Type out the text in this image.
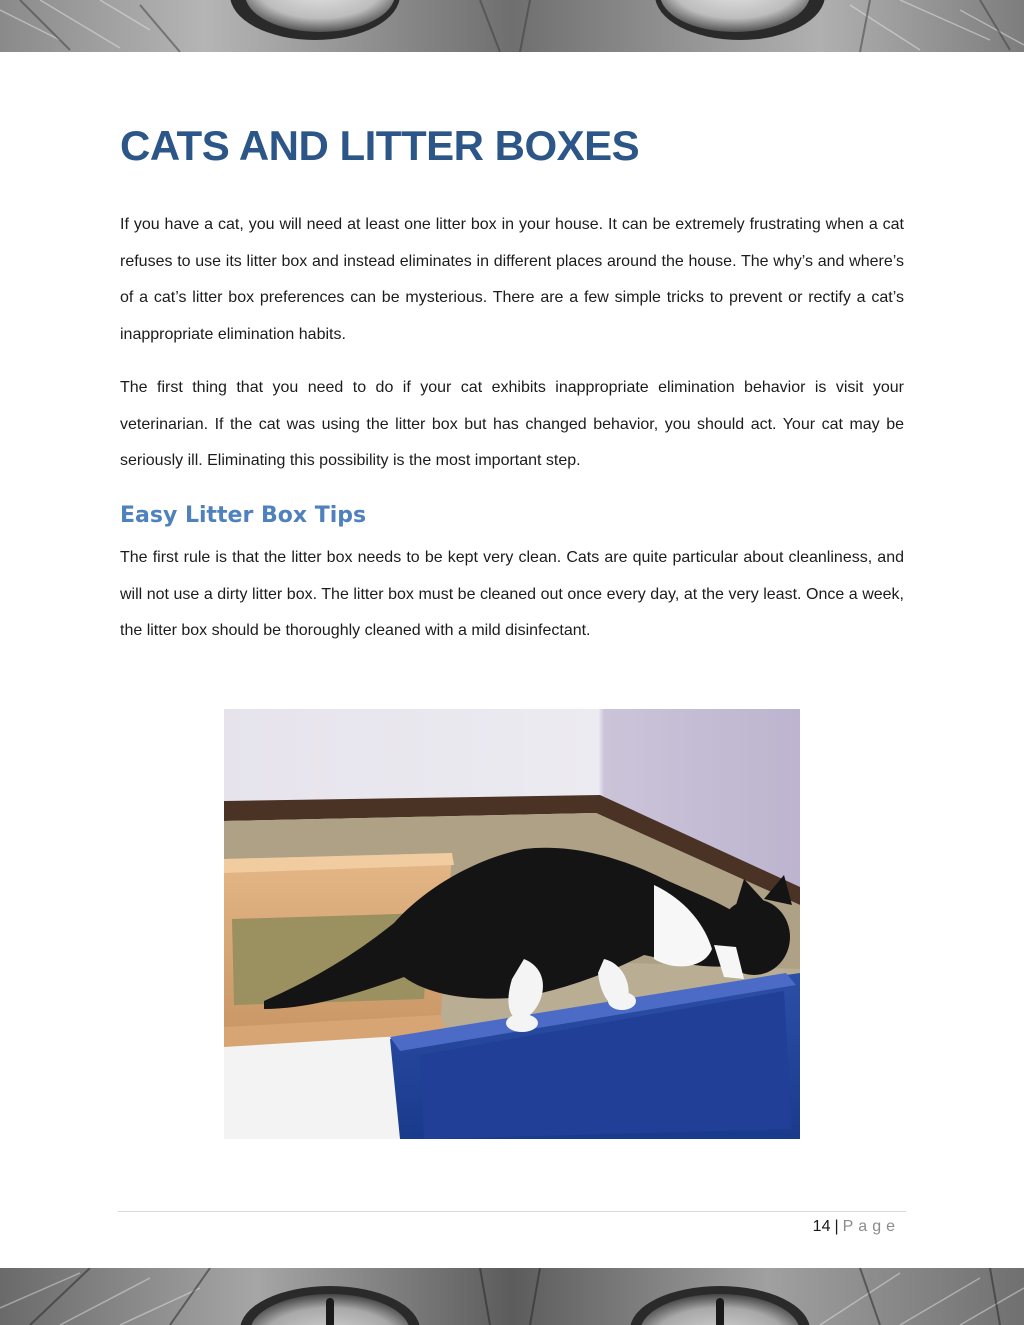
CATS AND LITTER BOXES

If you have a cat, you will need at least one litter box in your house. It can be extremely frustrating when a cat refuses to use its litter box and instead eliminates in different places around the house. The why’s and where’s of a cat’s litter box preferences can be mysterious. There are a few simple tricks to prevent or rectify a cat’s inappropriate elimination habits.

The first thing that you need to do if your cat exhibits inappropriate elimination behavior is visit your veterinarian. If the cat was using the litter box but has changed behavior, you should act. Your cat may be seriously ill. Eliminating this possibility is the most important step.

Easy Litter Box Tips

The first rule is that the litter box needs to be kept very clean. Cats are quite particular about cleanliness, and will not use a dirty litter box. The litter box must be cleaned out once every day, at the very least. Once a week, the litter box should be thoroughly cleaned with a mild disinfectant.

14 | Page
